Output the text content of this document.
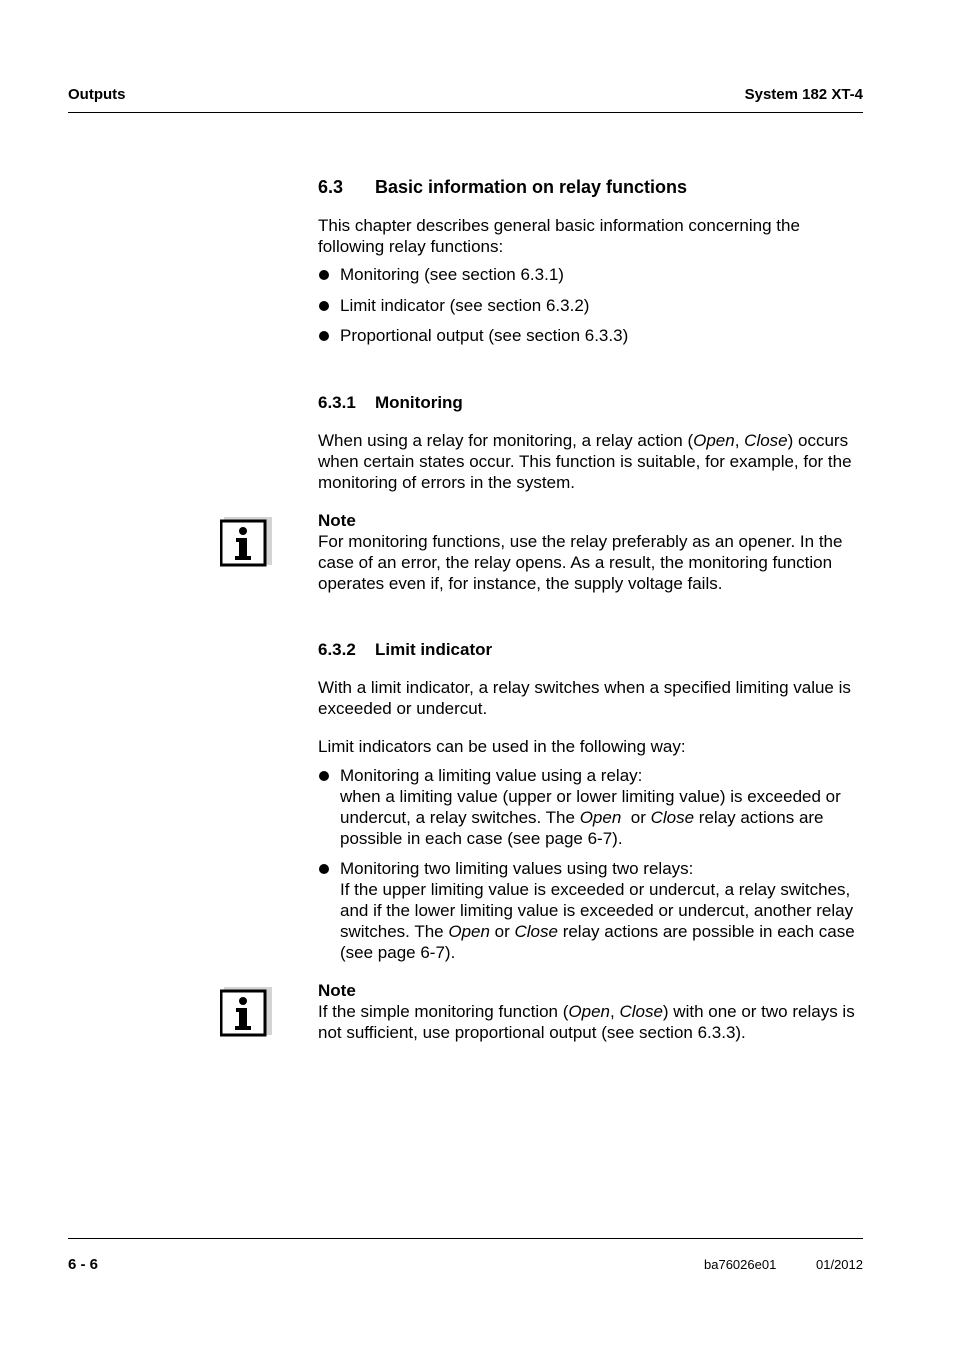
Outputs	System 182 XT-4
6.3 Basic information on relay functions

This chapter describes general basic information concerning the following relay functions:

Monitoring (see section 6.3.1)
Limit indicator (see section 6.3.2)
Proportional output (see section 6.3.3)
6.3.1 Monitoring

When using a relay for monitoring, a relay action (Open, Close) occurs when certain states occur. This function is suitable, for example, for the monitoring of errors in the system.

Note

For monitoring functions, use the relay preferably as an opener. In the case of an error, the relay opens. As a result, the monitoring function operates even if, for instance, the supply voltage fails.

6.3.2 Limit indicator

With a limit indicator, a relay switches when a specified limiting value is exceeded or undercut.

Limit indicators can be used in the following way:

Monitoring a limiting value using a relay:
when a limiting value (upper or lower limiting value) is exceeded or undercut, a relay switches. The Open  or Close relay actions are possible in each case (see page 6-7).
Monitoring two limiting values using two relays:
If the upper limiting value is exceeded or undercut, a relay switches, and if the lower limiting value is exceeded or undercut, another relay switches. The Open or Close relay actions are possible in each case (see page 6-7).

Note

If the simple monitoring function (Open, Close) with one or two relays is not sufficient, use proportional output (see section 6.3.3).

6 - 6	ba76026e01	01/2012
